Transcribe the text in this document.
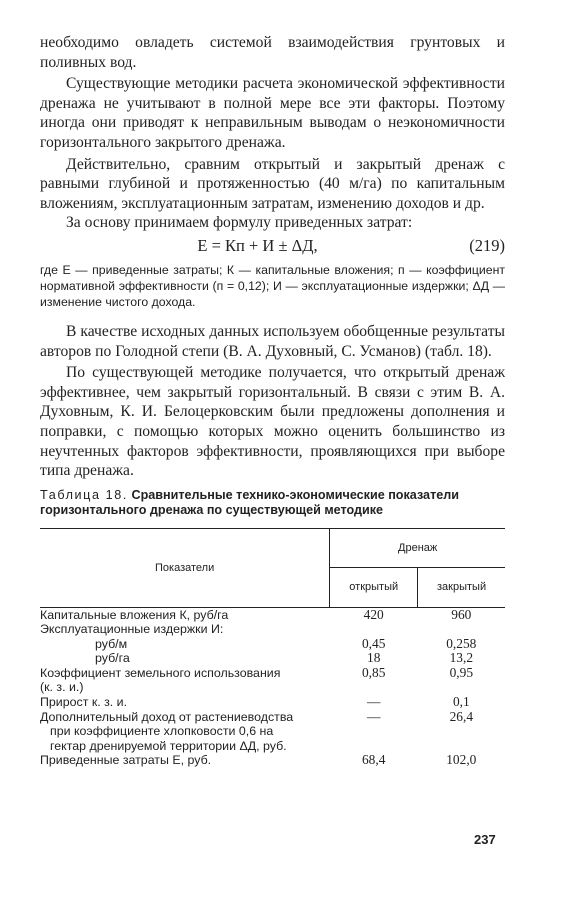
необходимо овладеть системой взаимодействия грунтовых и поливных вод.

Существующие методики расчета экономической эффективности дренажа не учитывают в полной мере все эти факторы. Поэтому иногда они приводят к неправильным выводам о неэкономичности горизонтального закрытого дренажа.

Действительно, сравним открытый и закрытый дренаж с равными глубиной и протяженностью (40 м/га) по капитальным вложениям, эксплуатационным затратам, изменению доходов и др.

За основу принимаем формулу приведенных затрат:

Е = Кп + И ± ΔД,	(219)

где Е — приведенные затраты; К — капитальные вложения; п — коэффициент нормативной эффективности (п = 0,12); И — эксплуатационные издержки; ΔД — изменение чистого дохода.

В качестве исходных данных используем обобщенные результаты авторов по Голодной степи (В. А. Духовный, С. Усманов) (табл. 18).

По существующей методике получается, что открытый дренаж эффективнее, чем закрытый горизонтальный. В связи с этим В. А. Духовным, К. И. Белоцерковским были предложены дополнения и поправки, с помощью которых можно оценить большинство из неучтенных факторов эффективности, проявляющихся при выборе типа дренажа.

Таблица 18. Сравнительные технико-экономические показатели горизонтального дренажа по существующей методике
Показатели	Дренаж	
	открытый	закрытый
Капитальные вложения К, руб/га	420	960
Эксплуатационные издержки И:		
руб/м	0,45	0,258
руб/га	18	13,2
Коэффициент земельного использования	0,85	0,95
(к. з. и.)		
Прирост к. з. и.	—	0,1
Дополнительный доход от растениеводства	—	26,4
при коэффициенте хлопковости 0,6 на		
гектар дренируемой территории ΔД, руб.		
Приведенные затраты Е, руб.	68,4	102,0
237
